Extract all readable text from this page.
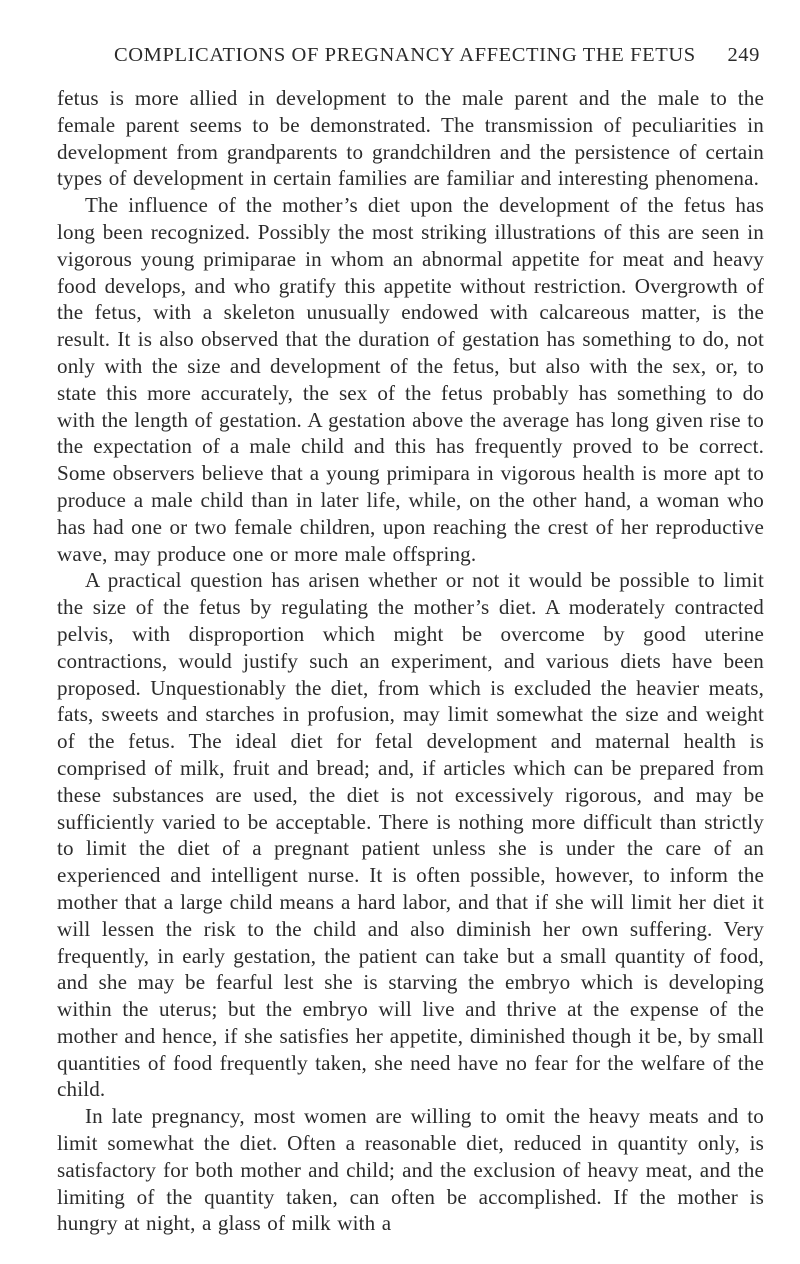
COMPLICATIONS OF PREGNANCY AFFECTING THE FETUS 249

fetus is more allied in development to the male parent and the male to the female parent seems to be demonstrated. The transmission of peculiarities in development from grandparents to grandchildren and the persistence of certain types of development in certain families are familiar and interesting phenomena.

The influence of the mother’s diet upon the development of the fetus has long been recognized. Possibly the most striking illustrations of this are seen in vigorous young primiparae in whom an abnormal appetite for meat and heavy food develops, and who gratify this appetite without restriction. Overgrowth of the fetus, with a skeleton unusually endowed with calcareous matter, is the result. It is also observed that the duration of gestation has something to do, not only with the size and development of the fetus, but also with the sex, or, to state this more accurately, the sex of the fetus probably has something to do with the length of gestation. A gestation above the average has long given rise to the expectation of a male child and this has frequently proved to be correct. Some observers believe that a young primipara in vigorous health is more apt to produce a male child than in later life, while, on the other hand, a woman who has had one or two female children, upon reaching the crest of her reproductive wave, may produce one or more male offspring.

A practical question has arisen whether or not it would be possible to limit the size of the fetus by regulating the mother’s diet. A moderately contracted pelvis, with disproportion which might be overcome by good uterine contractions, would justify such an experiment, and various diets have been proposed. Unquestionably the diet, from which is excluded the heavier meats, fats, sweets and starches in profusion, may limit somewhat the size and weight of the fetus. The ideal diet for fetal development and maternal health is comprised of milk, fruit and bread; and, if articles which can be prepared from these substances are used, the diet is not excessively rigorous, and may be sufficiently varied to be acceptable. There is nothing more difficult than strictly to limit the diet of a pregnant patient unless she is under the care of an experienced and intelligent nurse. It is often possible, however, to inform the mother that a large child means a hard labor, and that if she will limit her diet it will lessen the risk to the child and also diminish her own suffering. Very frequently, in early gestation, the patient can take but a small quantity of food, and she may be fearful lest she is starving the embryo which is developing within the uterus; but the embryo will live and thrive at the expense of the mother and hence, if she satisfies her appetite, diminished though it be, by small quantities of food frequently taken, she need have no fear for the welfare of the child.

In late pregnancy, most women are willing to omit the heavy meats and to limit somewhat the diet. Often a reasonable diet, reduced in quantity only, is satisfactory for both mother and child; and the exclusion of heavy meat, and the limiting of the quantity taken, can often be accomplished. If the mother is hungry at night, a glass of milk with a
